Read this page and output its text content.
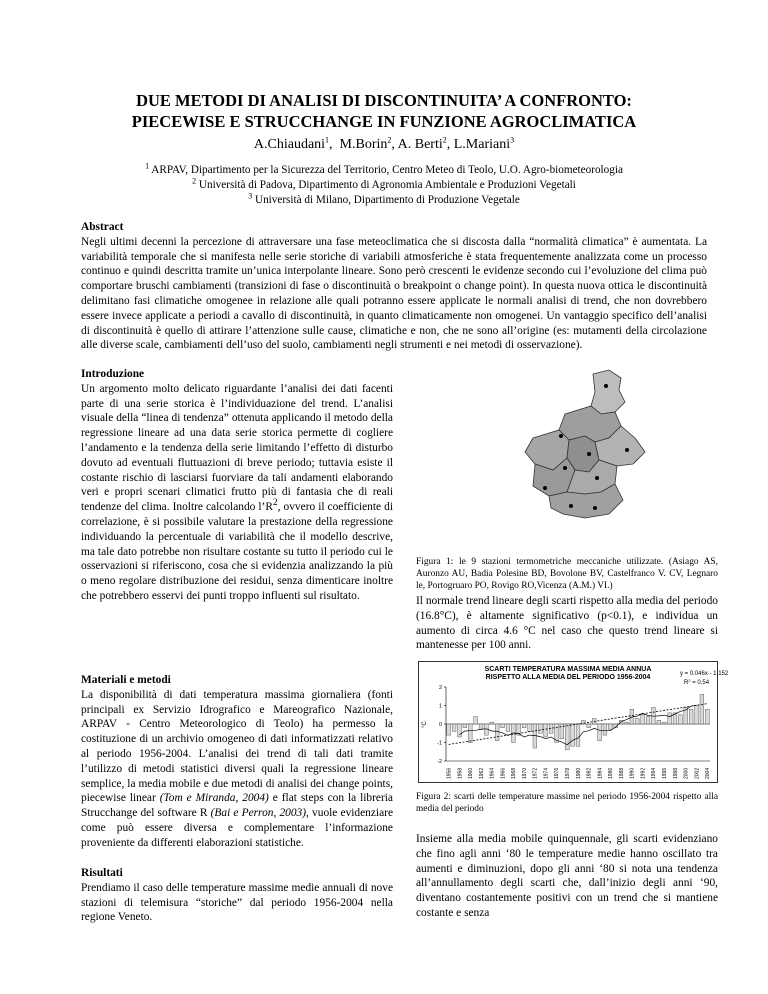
DUE METODI DI ANALISI DI DISCONTINUITA’ A CONFRONTO:
PIECEWISE E STRUCCHANGE IN FUNZIONE AGROCLIMATICA
A.Chiaudani$^1$,  M.Borin$^2$, A. Berti$^2$, L.Mariani$^3$
$^1$ ARPAV, Dipartimento per la Sicurezza del Territorio, Centro Meteo di Teolo, U.O. Agro-biometeorologia
$^2$ Università di Padova, Dipartimento di Agronomia Ambientale e Produzioni Vegetali
$^3$ Università di Milano, Dipartimento di Produzione Vegetale
Abstract
Negli ultimi decenni la percezione di attraversare una fase meteoclimatica che si discosta dalla “normalità climatica” è aumentata. La variabilità temporale che si manifesta nelle serie storiche di variabili atmosferiche è stata frequentemente analizzata come un processo continuo e quindi descritta tramite un’unica interpolante lineare. Sono però crescenti le evidenze secondo cui l’evoluzione del clima può comportare bruschi cambiamenti (transizioni di fase o discontinuità o breakpoint o change point). In questa nuova ottica le discontinuità delimitano fasi climatiche omogenee in relazione alle quali potranno essere applicate le normali analisi di trend, che non dovrebbero essere invece applicate a periodi a cavallo di discontinuità, in quanto climaticamente non omogenei. Un vantaggio specifico dell’analisi di discontinuità è quello di attirare l’attenzione sulle cause, climatiche e non, che ne sono all’origine (es: mutamenti della circolazione alle diverse scale, cambiamenti dell’uso del suolo, cambiamenti negli strumenti e nei metodi di osservazione).
Introduzione
Un argomento molto delicato riguardante l’analisi dei dati facenti parte di una serie storica è l’individuazione del trend. L’analisi visuale della “linea di tendenza” ottenuta applicando il metodo della regressione lineare ad una data serie storica permette di cogliere l’andamento e la tendenza della serie limitando l’effetto di disturbo dovuto ad eventuali fluttuazioni di breve periodo; tuttavia esiste il costante rischio di lasciarsi fuorviare da tali andamenti elaborando veri e propri scenari climatici frutto più di fantasia che di reali tendenze del clima. Inoltre calcolando $l’R^2$, ovvero il coefficiente di correlazione, è si possibile valutare la prestazione della regressione individuando la percentuale di variabilità che il modello descrive, ma tale dato potrebbe non risultare costante su tutto il periodo cui le osservazioni si riferiscono, cosa che si evidenzia analizzando la più o meno regolare distribuzione dei residui, senza dimenticare inoltre che potrebbero esservi dei punti troppo influenti sul risultato.
Materiali e metodi
La disponibilità di dati temperatura massima giornaliera (fonti principali ex Servizio Idrografico e Mareografico Nazionale, ARPAV - Centro Meteorologico di Teolo) ha permesso la costituzione di un archivio omogeneo di dati informatizzati relativo al periodo 1956-2004. L’analisi dei trend di tali dati tramite l’utilizzo di metodi statistici diversi quali la regressione lineare semplice, la media mobile e due metodi di analisi dei change points, piecewise linear (Tom e Miranda, 2004) e flat steps con la libreria Strucchange del software R (Bai e Perron, 2003), vuole evidenziare come può essere diversa e complementare l’informazione proveniente da differenti elaborazioni statistiche.
Risultati
Prendiamo il caso delle temperature massime medie annuali di nove stazioni di telemisura “storiche” dal periodo 1956-2004 nella regione Veneto.
Figura 1: le 9 stazioni termometriche meccaniche utilizzate. (Asiago AS, Auronzo AU, Badia Polesine BD, Bovolone BV, Castelfranco V. CV, Legnaro le, Portogruaro PO, Rovigo RO,Vicenza (A.M.) VI.)
Il normale trend lineare degli scarti rispetto alla media del periodo (16.8°C), è altamente significativo (p<0.1), e individua un aumento di circa 4.6 °C nel caso che questo trend lineare si mantenesse per 100 anni.
SCARTI TEMPERATURA MASSIMA MEDIA ANNUA
RISPETTO ALLA MEDIA DEL PERIODO 1956-2004	y = 0.046x - 1.152
$R^2 = 0.54$
°C
2
1
0
-1
-2
1956 1958 1960 1962 1964 1966 1968 1970 1972 1974 1976 1978 1980 1982 1984 1986 1988 1990 1992 1994 1996 1998 2000 2002 2004
Figura 2: scarti delle temperature massime nel periodo 1956-2004 rispetto alla media del periodo
Insieme alla media mobile quinquennale, gli scarti evidenziano che fino agli anni ‘80 le temperature medie hanno oscillato tra aumenti e diminuzioni, dopo gli anni ‘80 si nota una tendenza all’annullamento degli scarti che, dall’inizio degli anni ‘90, diventano costantemente positivi con un trend che si mantiene costante e senza
